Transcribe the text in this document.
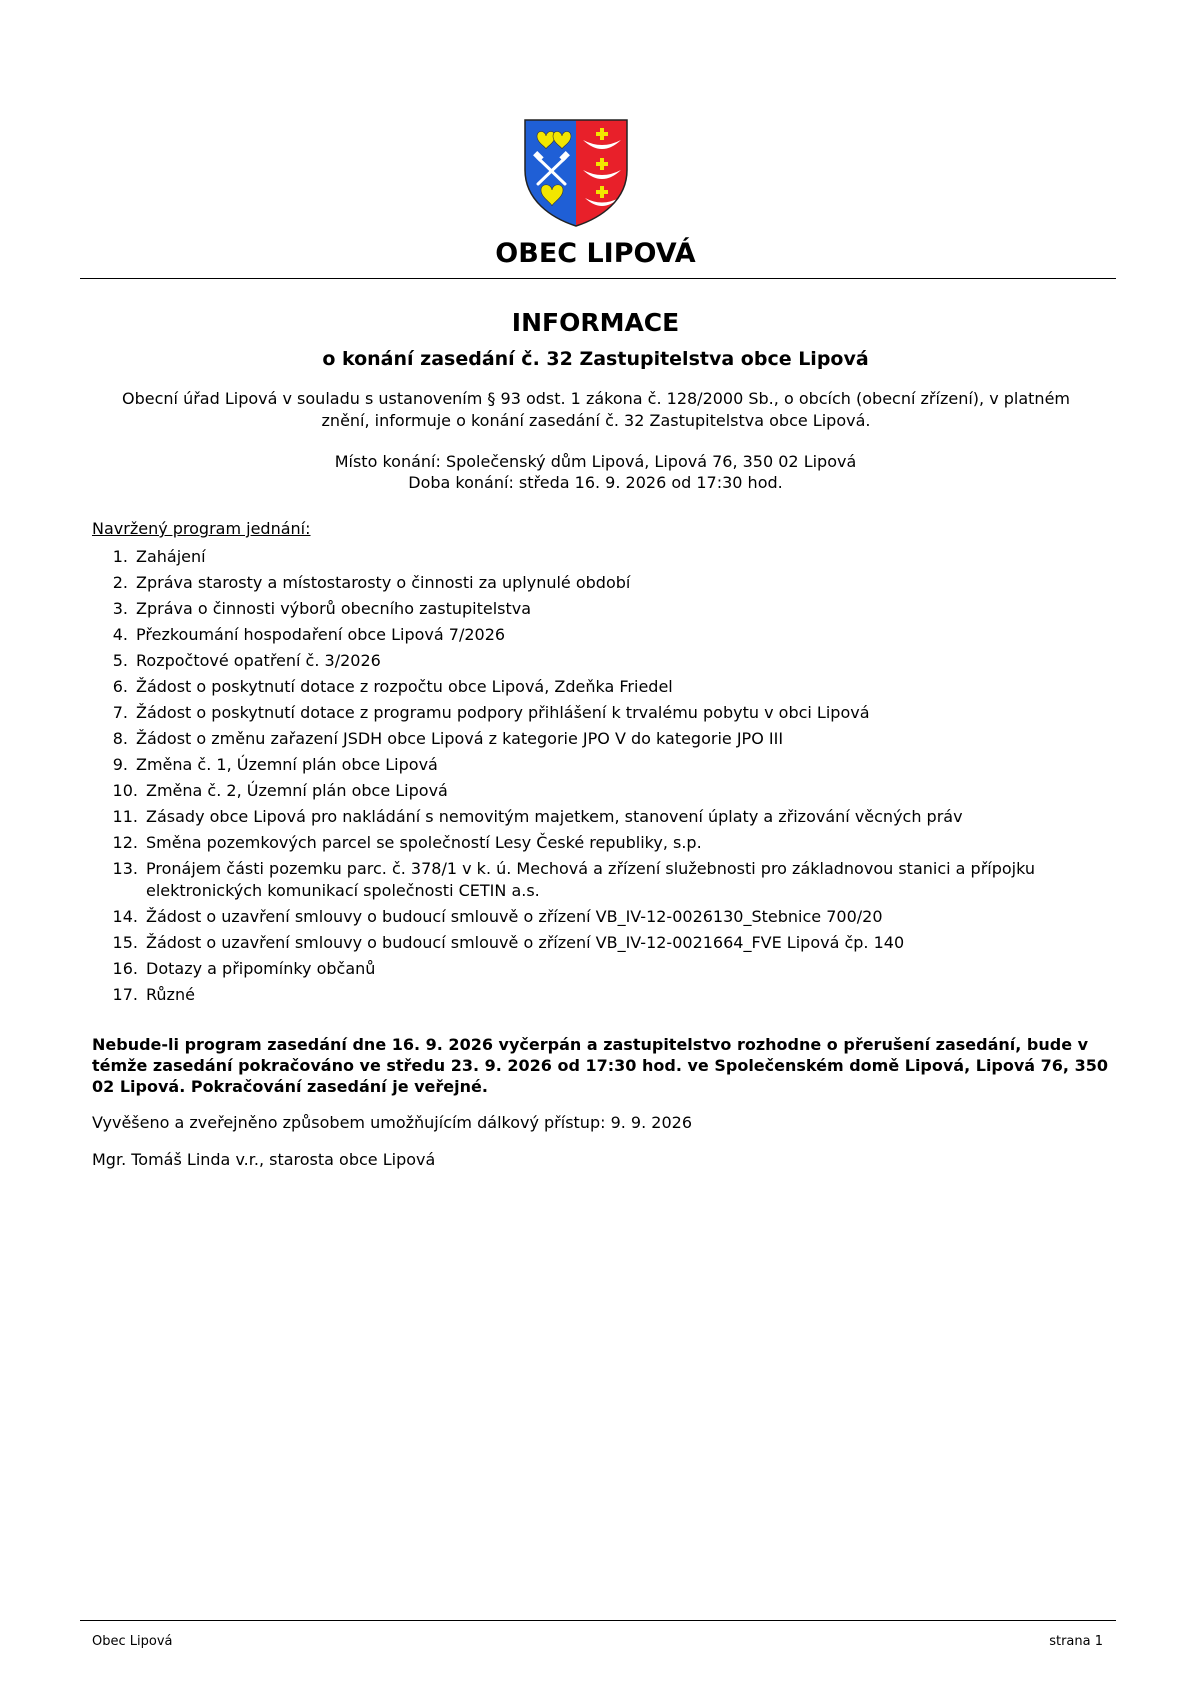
OBEC LIPOVÁ
INFORMACE
o konání zasedání č. 32 Zastupitelstva obce Lipová
Obecní úřad Lipová v souladu s ustanovením § 93 odst. 1 zákona č. 128/2000 Sb., o obcích (obecní zřízení), v platném znění, informuje o konání zasedání č. 32 Zastupitelstva obce Lipová.
Místo konání: Společenský dům Lipová, Lipová 76, 350 02 Lipová
Doba konání: středa 16. 9. 2026 od 17:30 hod.
Navržený program jednání:
1. Zahájení
2. Zpráva starosty a místostarosty o činnosti za uplynulé období
3. Zpráva o činnosti výborů obecního zastupitelstva
4. Přezkoumání hospodaření obce Lipová 7/2026
5. Rozpočtové opatření č. 3/2026
6. Žádost o poskytnutí dotace z rozpočtu obce Lipová, Zdeňka Friedel
7. Žádost o poskytnutí dotace z programu podpory přihlášení k trvalému pobytu v obci Lipová
8. Žádost o změnu zařazení JSDH obce Lipová z kategorie JPO V do kategorie JPO III
9. Změna č. 1, Územní plán obce Lipová
10. Změna č. 2, Územní plán obce Lipová
11. Zásady obce Lipová pro nakládání s nemovitým majetkem, stanovení úplaty a zřizování věcných práv
12. Směna pozemkových parcel se společností Lesy České republiky, s.p.
13. Pronájem části pozemku parc. č. 378/1 v k. ú. Mechová a zřízení služebnosti pro základnovou stanici a přípojku elektronických komunikací společnosti CETIN a.s.
14. Žádost o uzavření smlouvy o budoucí smlouvě o zřízení VB_IV-12-0026130_Stebnice 700/20
15. Žádost o uzavření smlouvy o budoucí smlouvě o zřízení VB_IV-12-0021664_FVE Lipová čp. 140
16. Dotazy a připomínky občanů
17. Různé
Nebude-li program zasedání dne 16. 9. 2026 vyčerpán a zastupitelstvo rozhodne o přerušení zasedání, bude v témže zasedání pokračováno ve středu 23. 9. 2026 od 17:30 hod. ve Společenském domě Lipová, Lipová 76, 350 02 Lipová. Pokračování zasedání je veřejné.
Vyvěšeno a zveřejněno způsobem umožňujícím dálkový přístup: 9. 9. 2026
Mgr. Tomáš Linda v.r., starosta obce Lipová
Obec Lipová	strana 1
